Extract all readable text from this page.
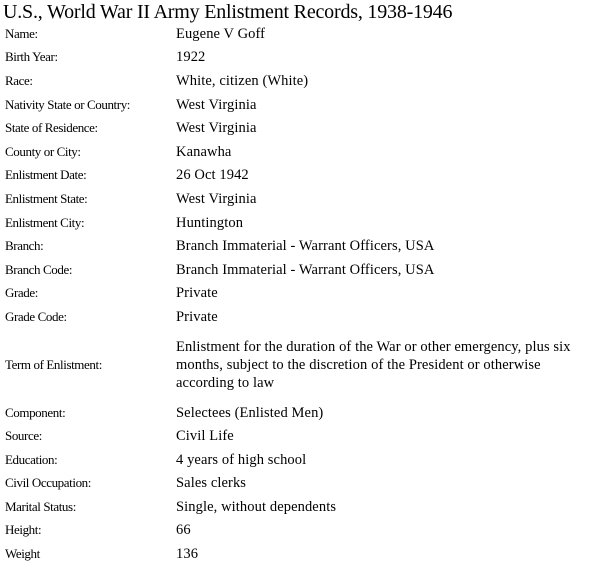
U.S., World War II Army Enlistment Records, 1938-1946
Name:	Eugene V Goff
Birth Year:	1922
Race:	White, citizen (White)
Nativity State or Country:	West Virginia
State of Residence:	West Virginia
County or City:	Kanawha
Enlistment Date:	26 Oct 1942
Enlistment State:	West Virginia
Enlistment City:	Huntington
Branch:	Branch Immaterial - Warrant Officers, USA
Branch Code:	Branch Immaterial - Warrant Officers, USA
Grade:	Private
Grade Code:	Private
Term of Enlistment:
Enlistment for the duration of the War or other emergency, plus six months, subject to the discretion of the President or otherwise according to law
Component:	Selectees (Enlisted Men)
Source:	Civil Life
Education:	4 years of high school
Civil Occupation:	Sales clerks
Marital Status:	Single, without dependents
Height:	66
Weight	136
